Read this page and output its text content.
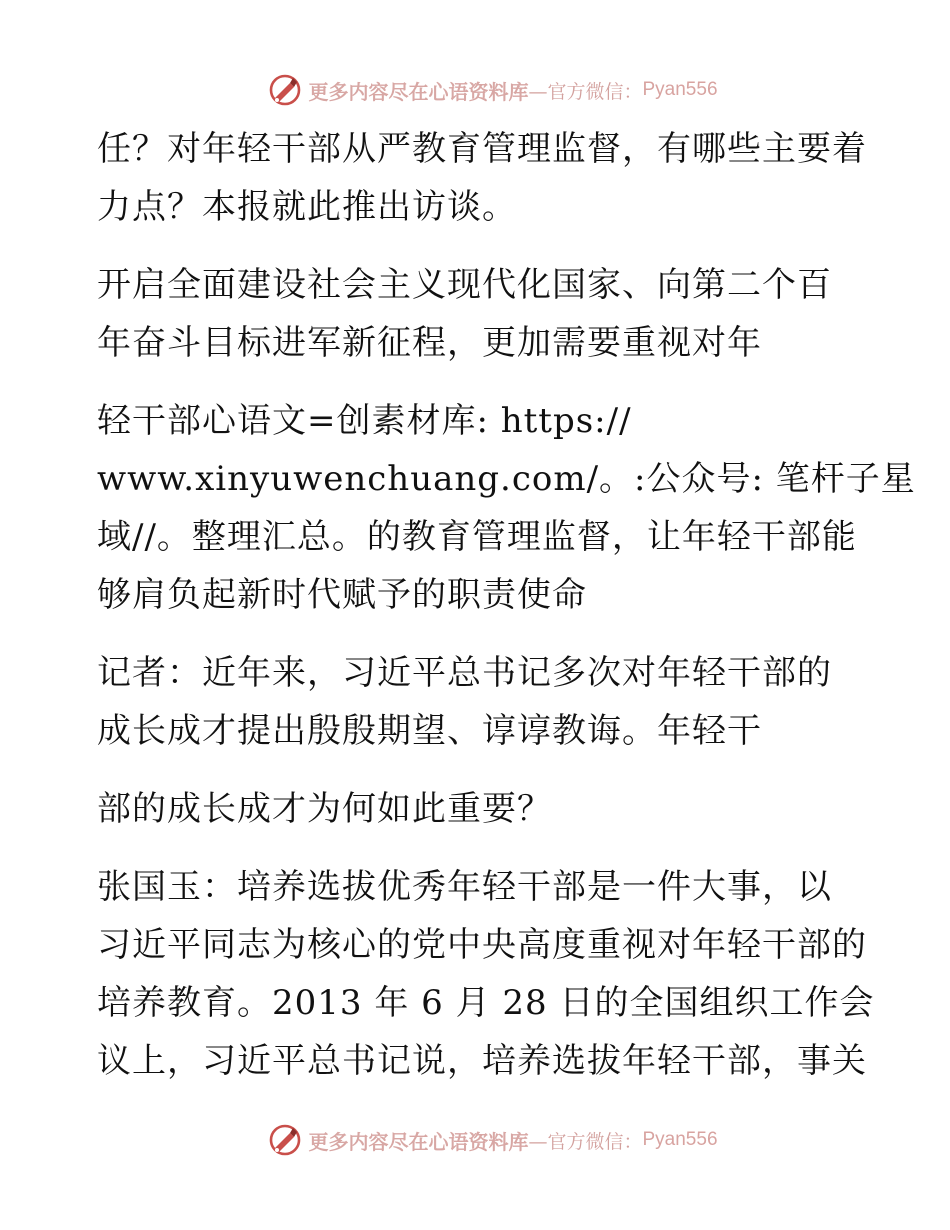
更多内容尽在心语资料库 —官方微信： Pyan556
任？对年轻干部从严教育管理监督，有哪些主要着
力点？本报就此推出访谈。
开启全面建设社会主义现代化国家、向第二个百
年奋斗目标进军新征程，更加需要重视对年
轻干部心语文=创素材库: https://
www.xinyuwenchuang.com/。:公众号: 笔杆子星
域//。整理汇总。的教育管理监督，让年轻干部能
够肩负起新时代赋予的职责使命
记者：近年来，习近平总书记多次对年轻干部的
成长成才提出殷殷期望、谆谆教诲。年轻干
部的成长成才为何如此重要？
张国玉：培养选拔优秀年轻干部是一件大事，以
习近平同志为核心的党中央高度重视对年轻干部的
培养教育。2013 年 6 月 28 日的全国组织工作会
议上，习近平总书记说，培养选拔年轻干部，事关
更多内容尽在心语资料库 —官方微信： Pyan556
